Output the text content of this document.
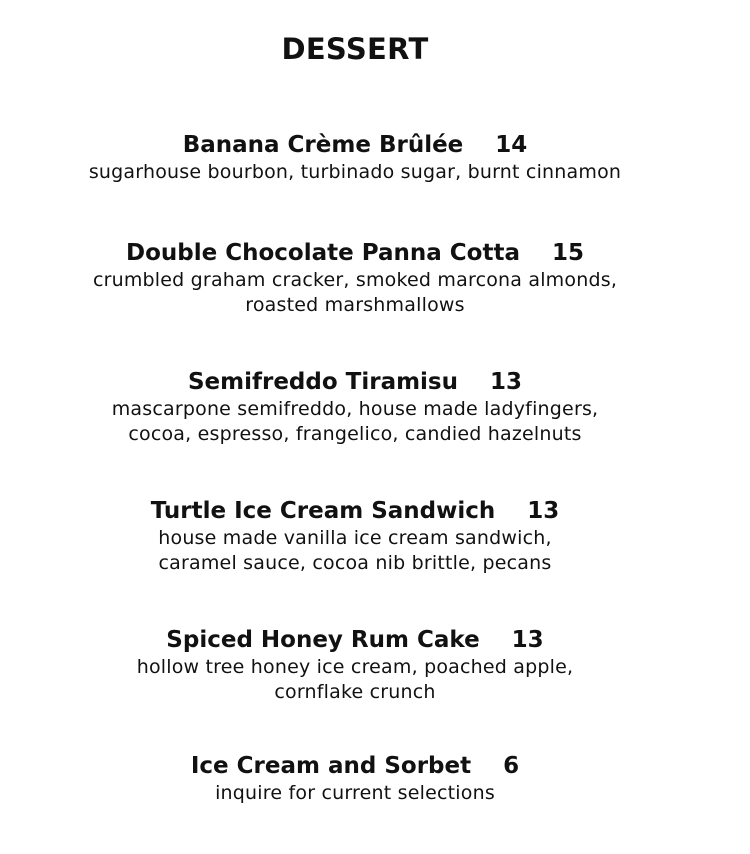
DESSERT
Banana Crème Brûlée 14
sugarhouse bourbon, turbinado sugar, burnt cinnamon
Double Chocolate Panna Cotta 15
crumbled graham cracker, smoked marcona almonds,
roasted marshmallows
Semifreddo Tiramisu 13
mascarpone semifreddo, house made ladyfingers,
cocoa, espresso, frangelico, candied hazelnuts
Turtle Ice Cream Sandwich 13
house made vanilla ice cream sandwich,
caramel sauce, cocoa nib brittle, pecans
Spiced Honey Rum Cake 13
hollow tree honey ice cream, poached apple,
cornflake crunch
Ice Cream and Sorbet 6
inquire for current selections
